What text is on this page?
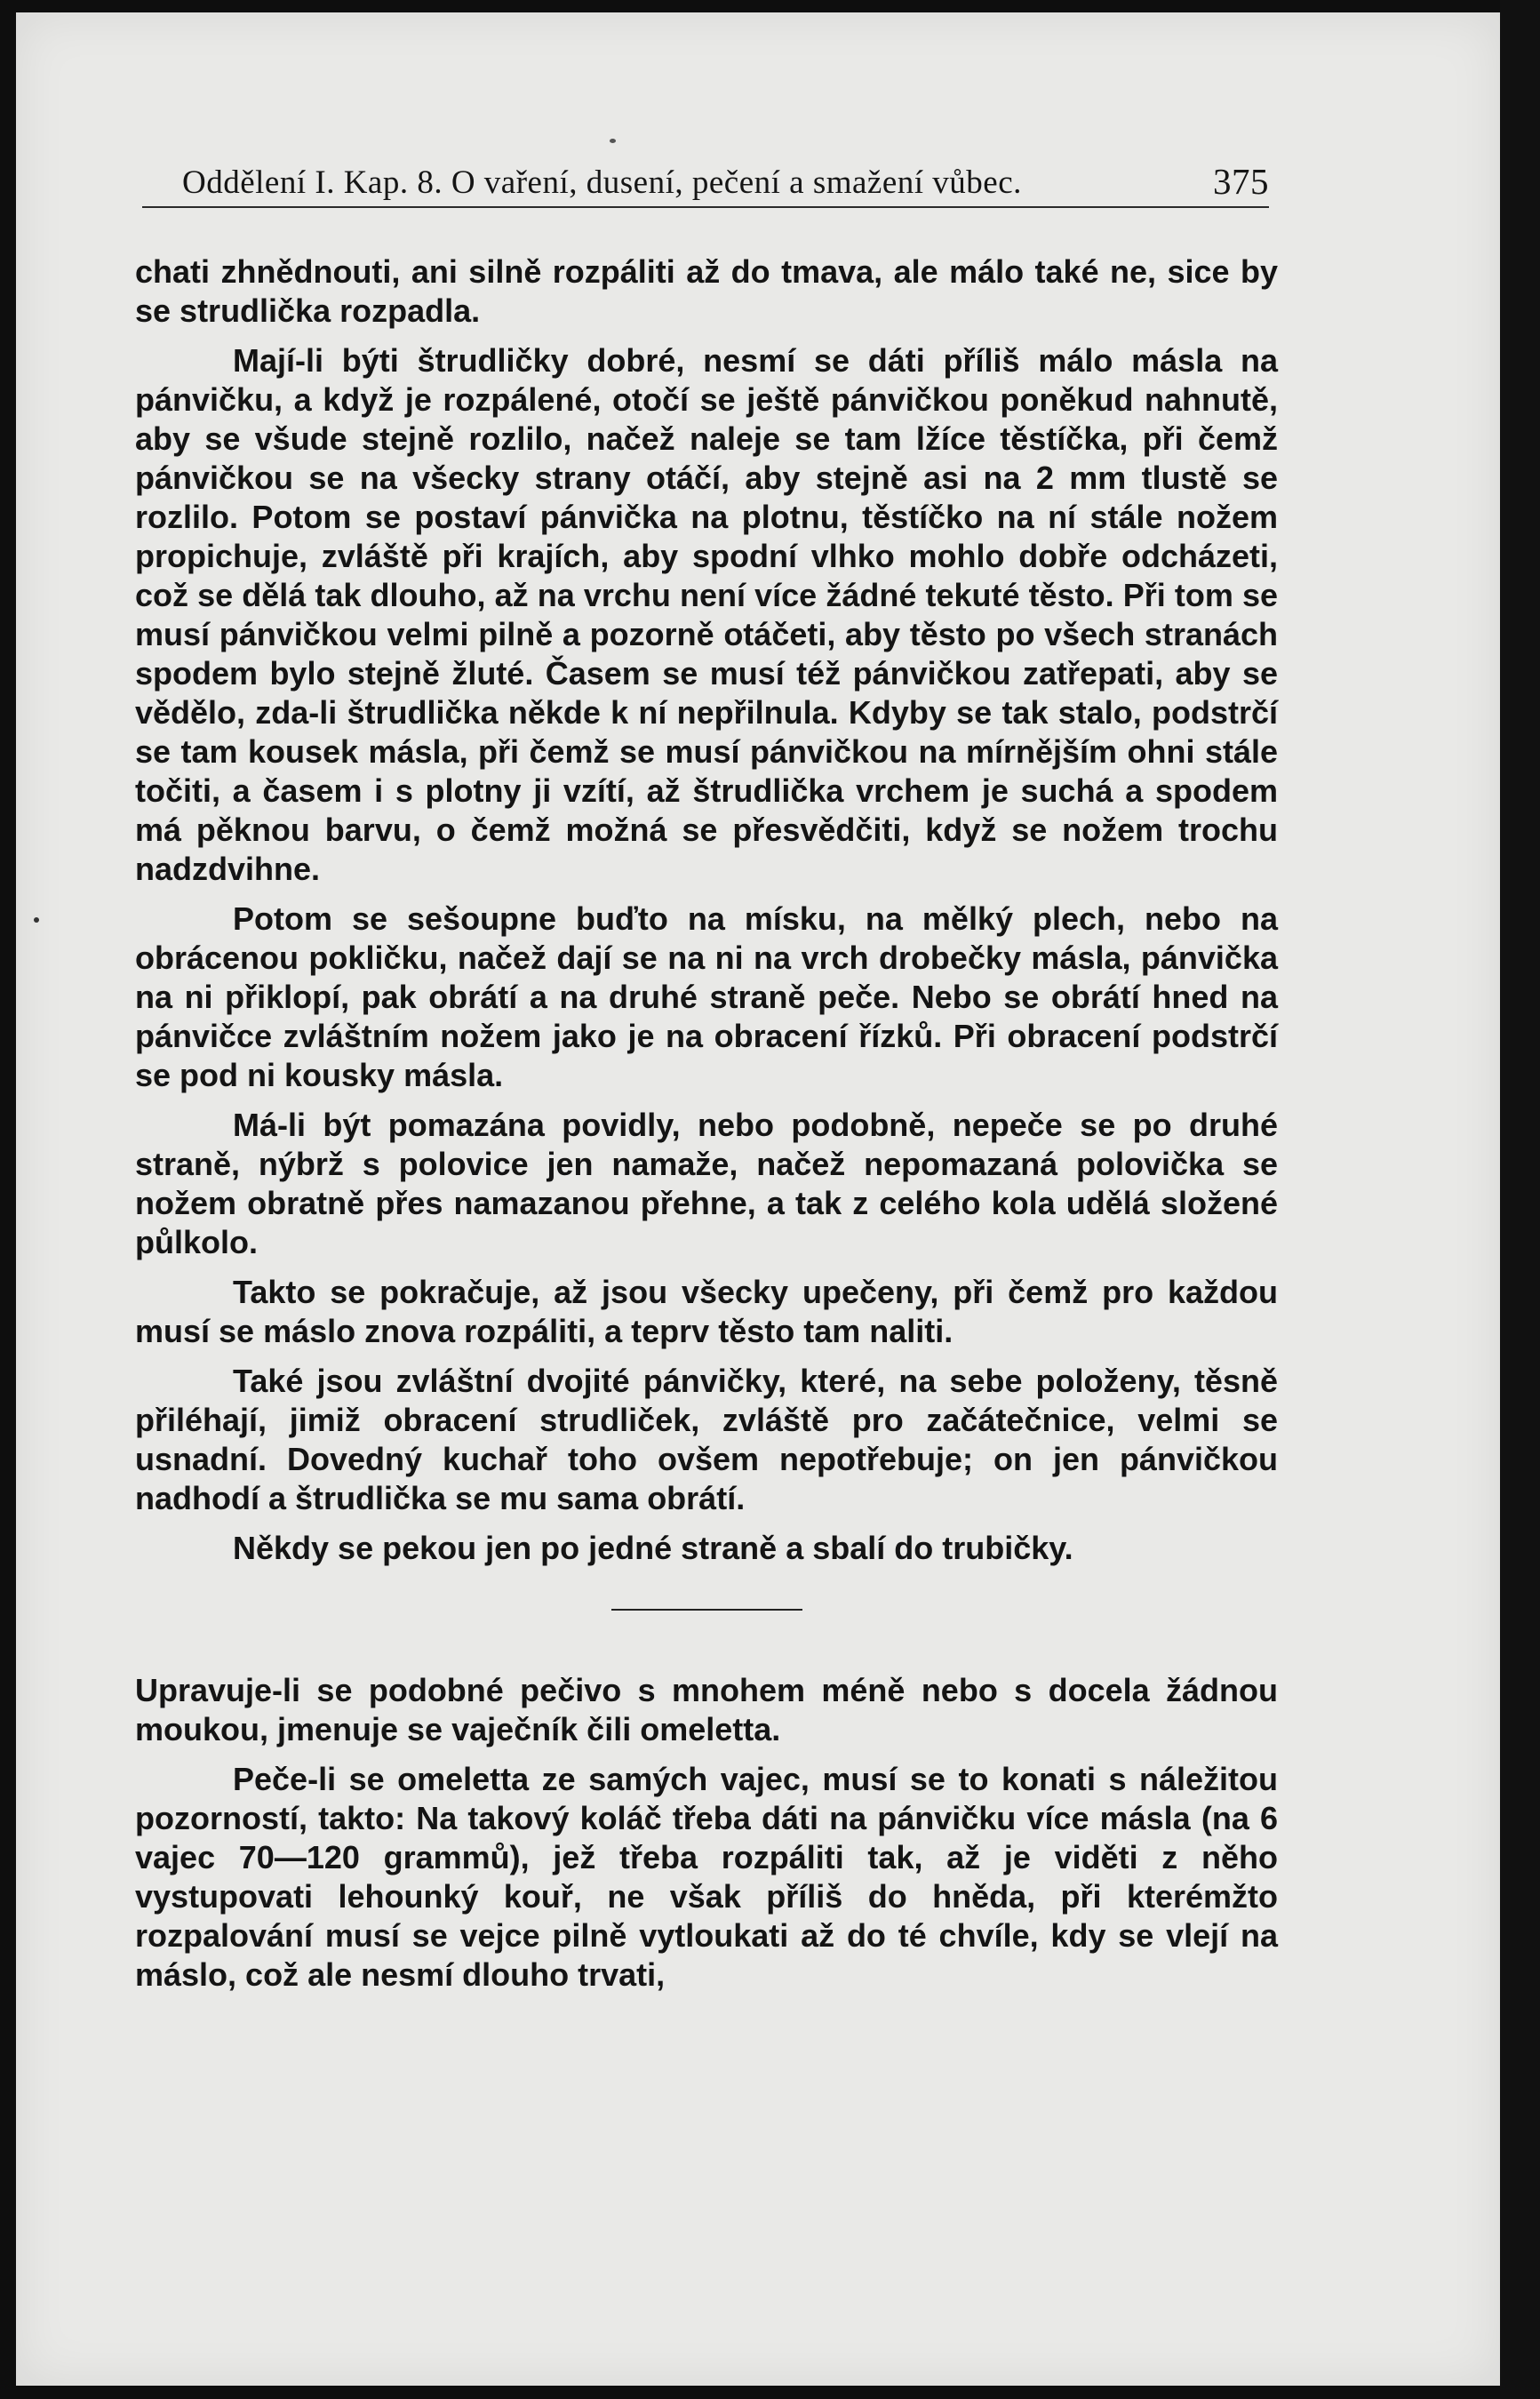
Oddělení I. Kap. 8. O vaření, dusení, pečení a smažení vůbec.	375

chati zhnědnouti, ani silně rozpáliti až do tmava, ale málo také ne, sice by se strudlička rozpadla.

Mají-li býti štrudličky dobré, nesmí se dáti příliš málo másla na pánvičku, a když je rozpálené, otočí se ještě pánvičkou poněkud nahnutě, aby se všude stejně rozlilo, načež naleje se tam lžíce těstíčka, při čemž pánvičkou se na všecky strany otáčí, aby stejně asi na 2 mm tlustě se rozlilo. Potom se postaví pánvička na plotnu, těstíčko na ní stále nožem propichuje, zvláště při krajích, aby spodní vlhko mohlo dobře odcházeti, což se dělá tak dlouho, až na vrchu není více žádné tekuté těsto. Při tom se musí pánvičkou velmi pilně a pozorně otáčeti, aby těsto po všech stranách spodem bylo stejně žluté. Časem se musí též pánvičkou zatřepati, aby se vědělo, zda-li štrudlička někde k ní nepřilnula. Kdyby se tak stalo, podstrčí se tam kousek másla, při čemž se musí pánvičkou na mírnějším ohni stále točiti, a časem i s plotny ji vzítí, až štrudlička vrchem je suchá a spodem má pěknou barvu, o čemž možná se přesvědčiti, když se nožem trochu nadzdvihne.

Potom se sešoupne buďto na mísku, na mělký plech, nebo na obrácenou pokličku, načež dají se na ni na vrch drobečky másla, pánvička na ni přiklopí, pak obrátí a na druhé straně peče. Nebo se obrátí hned na pánvičce zvláštním nožem jako je na obracení řízků. Při obracení podstrčí se pod ni kousky másla.

Má-li být pomazána povidly, nebo podobně, nepeče se po druhé straně, nýbrž s polovice jen namaže, načež nepomazaná polovička se nožem obratně přes namazanou přehne, a tak z celého kola udělá složené půlkolo.

Takto se pokračuje, až jsou všecky upečeny, při čemž pro každou musí se máslo znova rozpáliti, a teprv těsto tam naliti.

Také jsou zvláštní dvojité pánvičky, které, na sebe položeny, těsně přiléhají, jimiž obracení strudliček, zvláště pro začátečnice, velmi se usnadní. Dovedný kuchař toho ovšem nepotřebuje; on jen pánvičkou nadhodí a štrudlička se mu sama obrátí.

Někdy se pekou jen po jedné straně a sbalí do trubičky.

Upravuje-li se podobné pečivo s mnohem méně nebo s docela žádnou moukou, jmenuje se vaječník čili omeletta.

Peče-li se omeletta ze samých vajec, musí se to konati s náležitou pozorností, takto: Na takový koláč třeba dáti na pánvičku více másla (na 6 vajec 70—120 grammů), jež třeba rozpáliti tak, až je viděti z něho vystupovati lehounký kouř, ne však příliš do hněda, při kterémžto rozpalování musí se vejce pilně vytloukati až do té chvíle, kdy se vlejí na máslo, což ale nesmí dlouho trvati,
